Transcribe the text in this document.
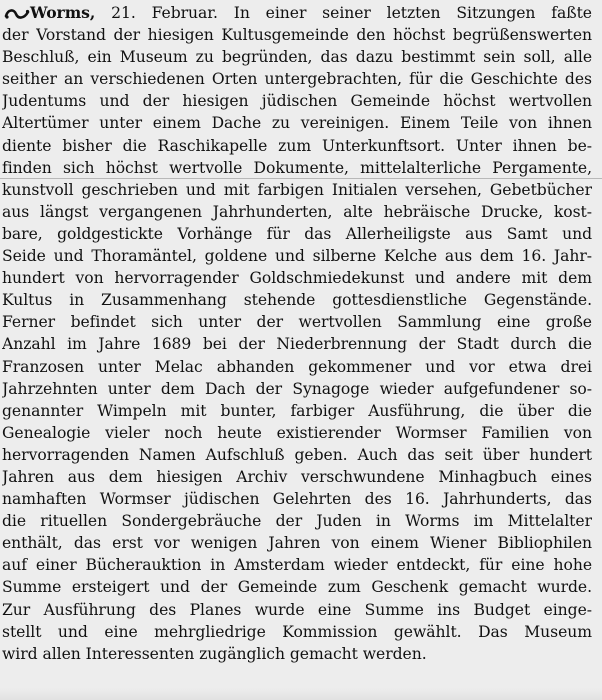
Worms, 21. Februar. In einer seiner letzten Sitzungen faßte
der Vorstand der hiesigen Kultusgemeinde den höchst begrüßenswerten
Beschluß, ein Museum zu begründen, das dazu bestimmt sein soll, alle
seither an verschiedenen Orten untergebrachten, für die Geschichte des
Judentums und der hiesigen jüdischen Gemeinde höchst wertvollen
Altertümer unter einem Dache zu vereinigen. Einem Teile von ihnen
diente bisher die Raschikapelle zum Unterkunftsort. Unter ihnen be-
finden sich höchst wertvolle Dokumente, mittelalterliche Pergamente,
kunstvoll geschrieben und mit farbigen Initialen versehen, Gebetbücher
aus längst vergangenen Jahrhunderten, alte hebräische Drucke, kost-
bare, goldgestickte Vorhänge für das Allerheiligste aus Samt und
Seide und Thoramäntel, goldene und silberne Kelche aus dem 16. Jahr-
hundert von hervorragender Goldschmiedekunst und andere mit dem
Kultus in Zusammenhang stehende gottesdienstliche Gegenstände.
Ferner befindet sich unter der wertvollen Sammlung eine große
Anzahl im Jahre 1689 bei der Niederbrennung der Stadt durch die
Franzosen unter Melac abhanden gekommener und vor etwa drei
Jahrzehnten unter dem Dach der Synagoge wieder aufgefundener so-
genannter Wimpeln mit bunter, farbiger Ausführung, die über die
Genealogie vieler noch heute existierender Wormser Familien von
hervorragenden Namen Aufschluß geben. Auch das seit über hundert
Jahren aus dem hiesigen Archiv verschwundene Minhagbuch eines
namhaften Wormser jüdischen Gelehrten des 16. Jahrhunderts, das
die rituellen Sondergebräuche der Juden in Worms im Mittelalter
enthält, das erst vor wenigen Jahren von einem Wiener Bibliophilen
auf einer Bücherauktion in Amsterdam wieder entdeckt, für eine hohe
Summe ersteigert und der Gemeinde zum Geschenk gemacht wurde.
Zur Ausführung des Planes wurde eine Summe ins Budget einge-
stellt und eine mehrgliedrige Kommission gewählt. Das Museum
wird allen Interessenten zugänglich gemacht werden.
